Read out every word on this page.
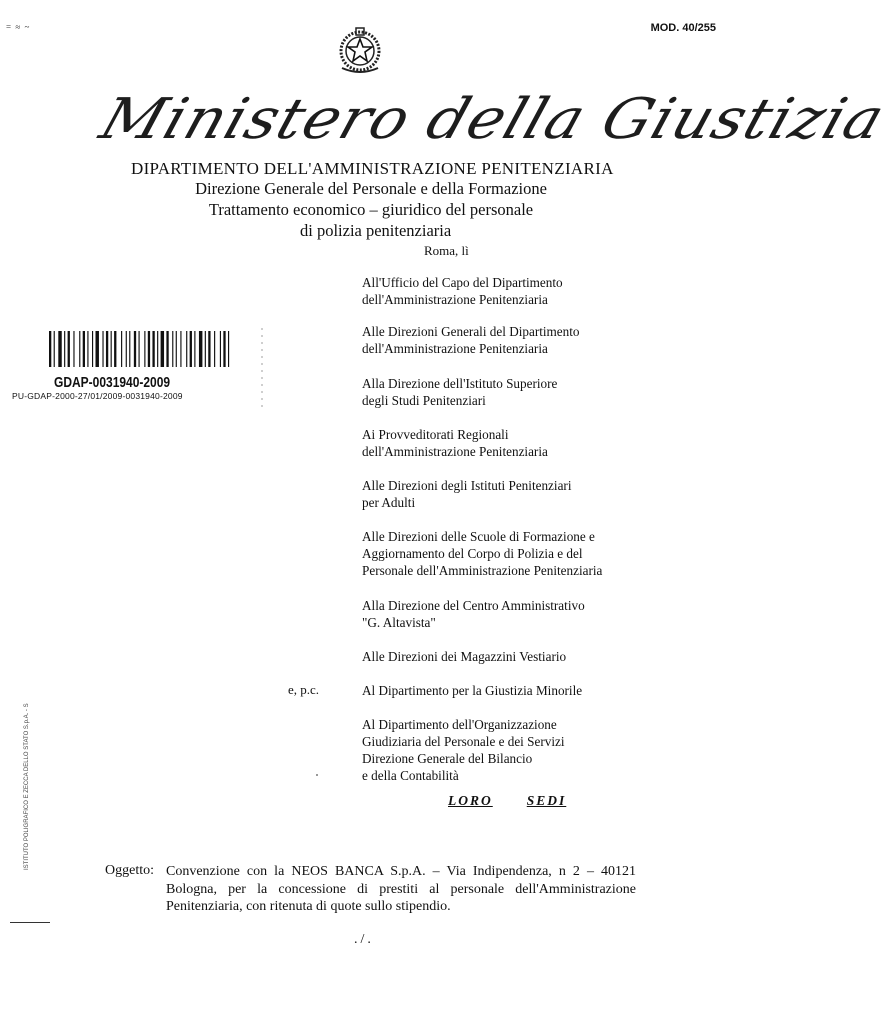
MOD. 40/255
= ≈ ~
Ministero della Giustizia
DIPARTIMENTO DELL'AMMINISTRAZIONE PENITENZIARIA
Direzione Generale del Personale e della Formazione
Trattamento economico – giuridico del personale
di polizia penitenziaria
Roma, lì
GDAP-0031940-2009
PU-GDAP-2000-27/01/2009-0031940-2009
All'Ufficio del Capo del Dipartimento
dell'Amministrazione Penitenziaria
Alle Direzioni Generali del Dipartimento
dell'Amministrazione Penitenziaria
Alla Direzione dell'Istituto Superiore
degli Studi Penitenziari
Ai Provveditorati Regionali
dell'Amministrazione Penitenziaria
Alle Direzioni degli Istituti Penitenziari
per Adulti
Alle Direzioni delle Scuole di Formazione e
Aggiornamento del Corpo di Polizia e del
Personale dell'Amministrazione Penitenziaria
Alla Direzione del Centro Amministrativo
"G. Altavista"
Alle Direzioni dei Magazzini Vestiario
e, p.c.	Al Dipartimento per la Giustizia Minorile
Al Dipartimento dell'Organizzazione
Giudiziaria del Personale e dei Servizi
Direzione Generale del Bilancio
e della Contabilità
LORO	SEDI
ISTITUTO POLIGRAFICO E ZECCA DELLO STATO S.p.A. - S
Oggetto: Convenzione con la NEOS BANCA S.p.A. – Via Indipendenza, n 2 – 40121 Bologna, per la concessione di prestiti al personale dell'Amministrazione Penitenziaria, con ritenuta di quote sullo stipendio.
./.
